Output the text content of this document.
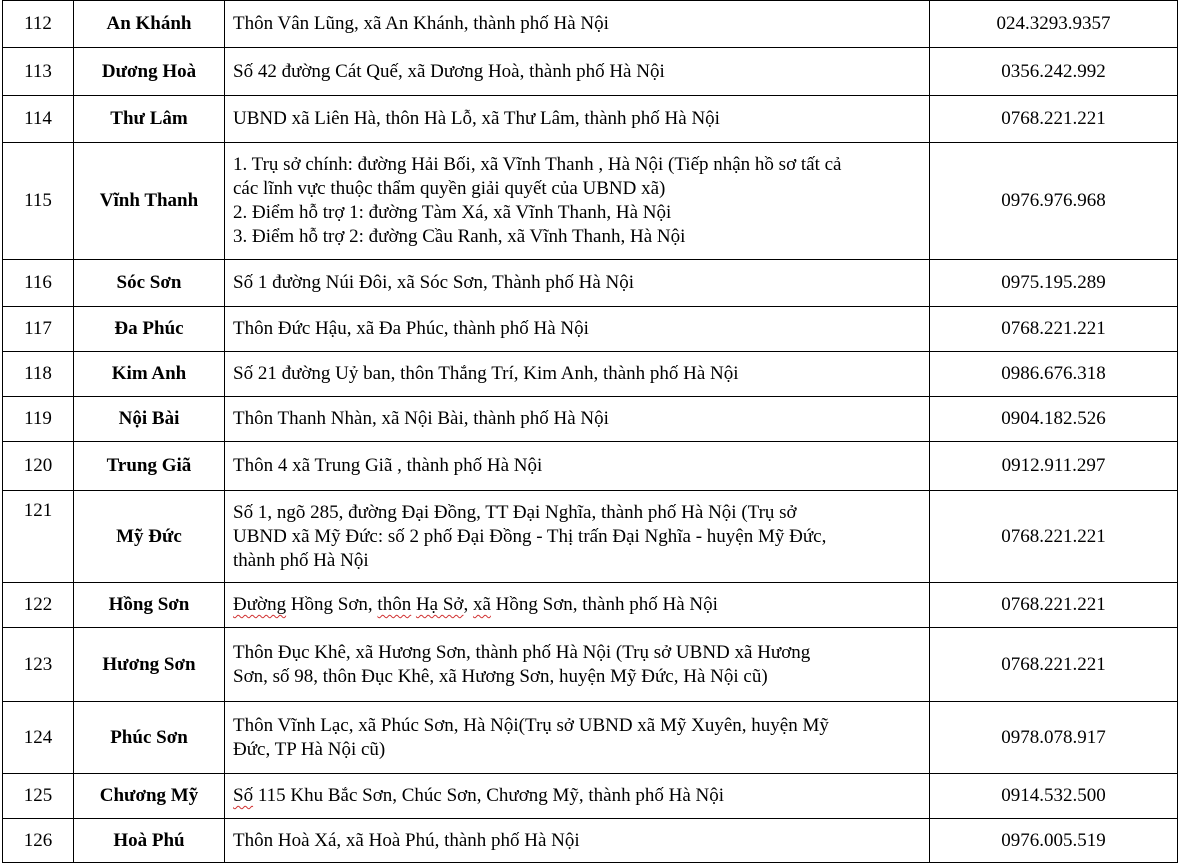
112	An Khánh	Thôn Vân Lũng, xã An Khánh, thành phố Hà Nội	024.3293.9357
113	Dương Hoà	Số 42 đường Cát Quế, xã Dương Hoà, thành phố Hà Nội	0356.242.992
114	Thư Lâm	UBND xã Liên Hà, thôn Hà Lỗ, xã Thư Lâm, thành phố Hà Nội	0768.221.221
115	Vĩnh Thanh	1. Trụ sở chính: đường Hải Bối, xã Vĩnh Thanh , Hà Nội (Tiếp nhận hồ sơ tất cả
các lĩnh vực thuộc thẩm quyền giải quyết của UBND xã)
2. Điểm hỗ trợ 1: đường Tàm Xá, xã Vĩnh Thanh, Hà Nội
3. Điểm hỗ trợ 2: đường Cầu Ranh, xã Vĩnh Thanh, Hà Nội	0976.976.968
116	Sóc Sơn	Số 1 đường Núi Đôi, xã Sóc Sơn, Thành phố Hà Nội	0975.195.289
117	Đa Phúc	Thôn Đức Hậu, xã Đa Phúc, thành phố Hà Nội	0768.221.221
118	Kim Anh	Số 21 đường Uỷ ban, thôn Thắng Trí, Kim Anh, thành phố Hà Nội	0986.676.318
119	Nội Bài	Thôn Thanh Nhàn, xã Nội Bài, thành phố Hà Nội	0904.182.526
120	Trung Giã	Thôn 4 xã Trung Giã , thành phố Hà Nội	0912.911.297
121	Mỹ Đức	Số 1, ngõ 285, đường Đại Đồng, TT Đại Nghĩa, thành phố Hà Nội (Trụ sở
UBND xã Mỹ Đức: số 2 phố Đại Đồng - Thị trấn Đại Nghĩa - huyện Mỹ Đức,
thành phố Hà Nội	0768.221.221
122	Hồng Sơn	Đường Hồng Sơn, thôn Hạ Sở, xã Hồng Sơn, thành phố Hà Nội	0768.221.221
123	Hương Sơn	Thôn Đục Khê, xã Hương Sơn, thành phố Hà Nội (Trụ sở UBND xã Hương
Sơn, số 98, thôn Đục Khê, xã Hương Sơn, huyện Mỹ Đức, Hà Nội cũ)	0768.221.221
124	Phúc Sơn	Thôn Vĩnh Lạc, xã Phúc Sơn, Hà Nội(Trụ sở UBND xã Mỹ Xuyên, huyện Mỹ
Đức, TP Hà Nội cũ)	0978.078.917
125	Chương Mỹ	Số 115 Khu Bắc Sơn, Chúc Sơn, Chương Mỹ, thành phố Hà Nội	0914.532.500
126	Hoà Phú	Thôn Hoà Xá, xã Hoà Phú, thành phố Hà Nội	0976.005.519
